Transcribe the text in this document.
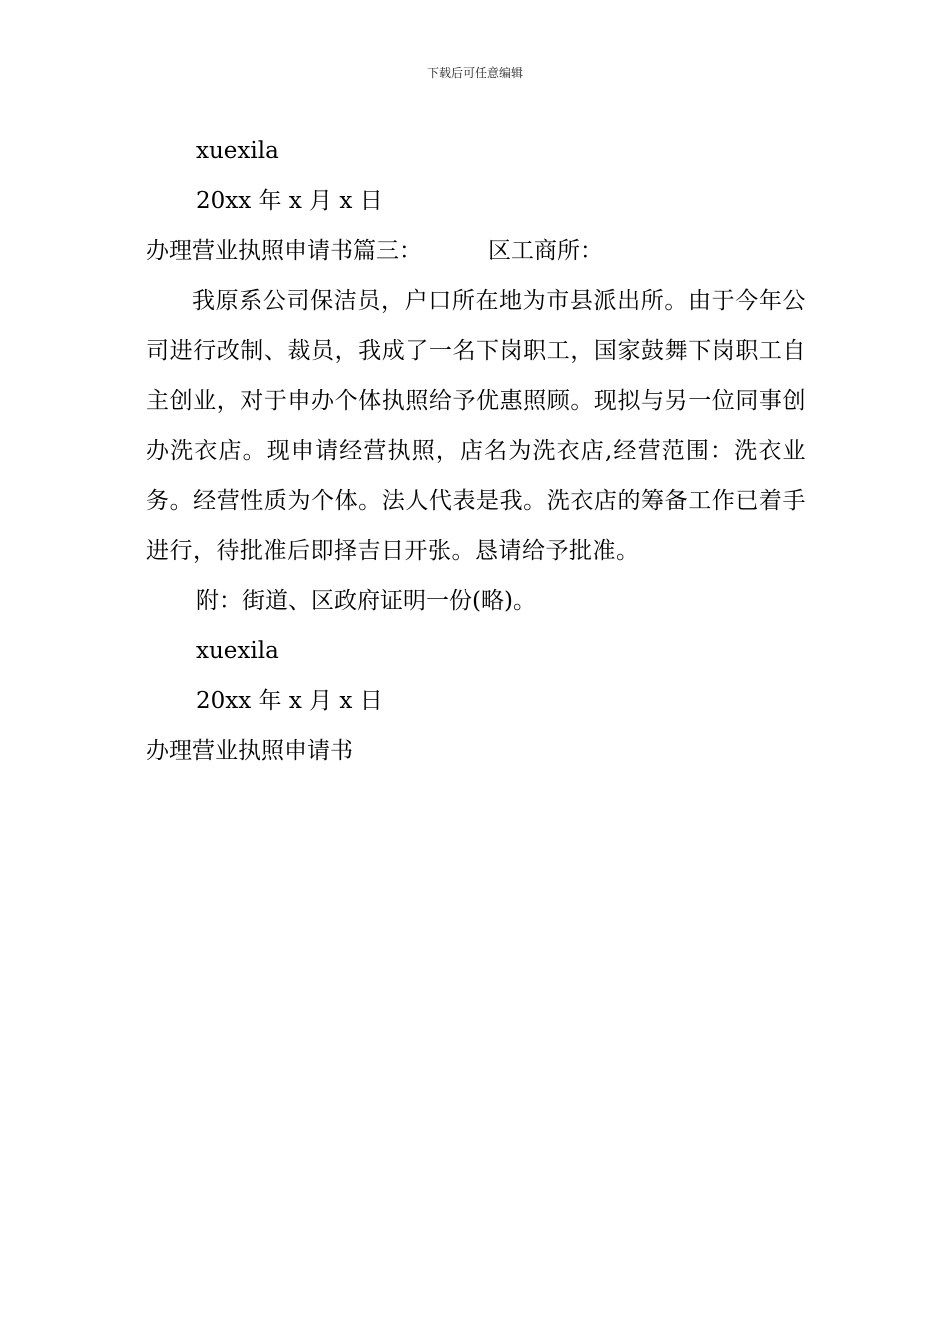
下载后可任意编辑

xuexila

20xx 年 x 月 x 日

办理营业执照申请书篇三：	区工商所：

我原系公司保洁员，户口所在地为市县派出所。由于今年公司进行改制、裁员，我成了一名下岗职工，国家鼓舞下岗职工自主创业，对于申办个体执照给予优惠照顾。现拟与另一位同事创办洗衣店。现申请经营执照，店名为洗衣店,经营范围：洗衣业务。经营性质为个体。法人代表是我。洗衣店的筹备工作已着手进行，待批准后即择吉日开张。恳请给予批准。

附：街道、区政府证明一份(略)。

xuexila

20xx 年 x 月 x 日

办理营业执照申请书
